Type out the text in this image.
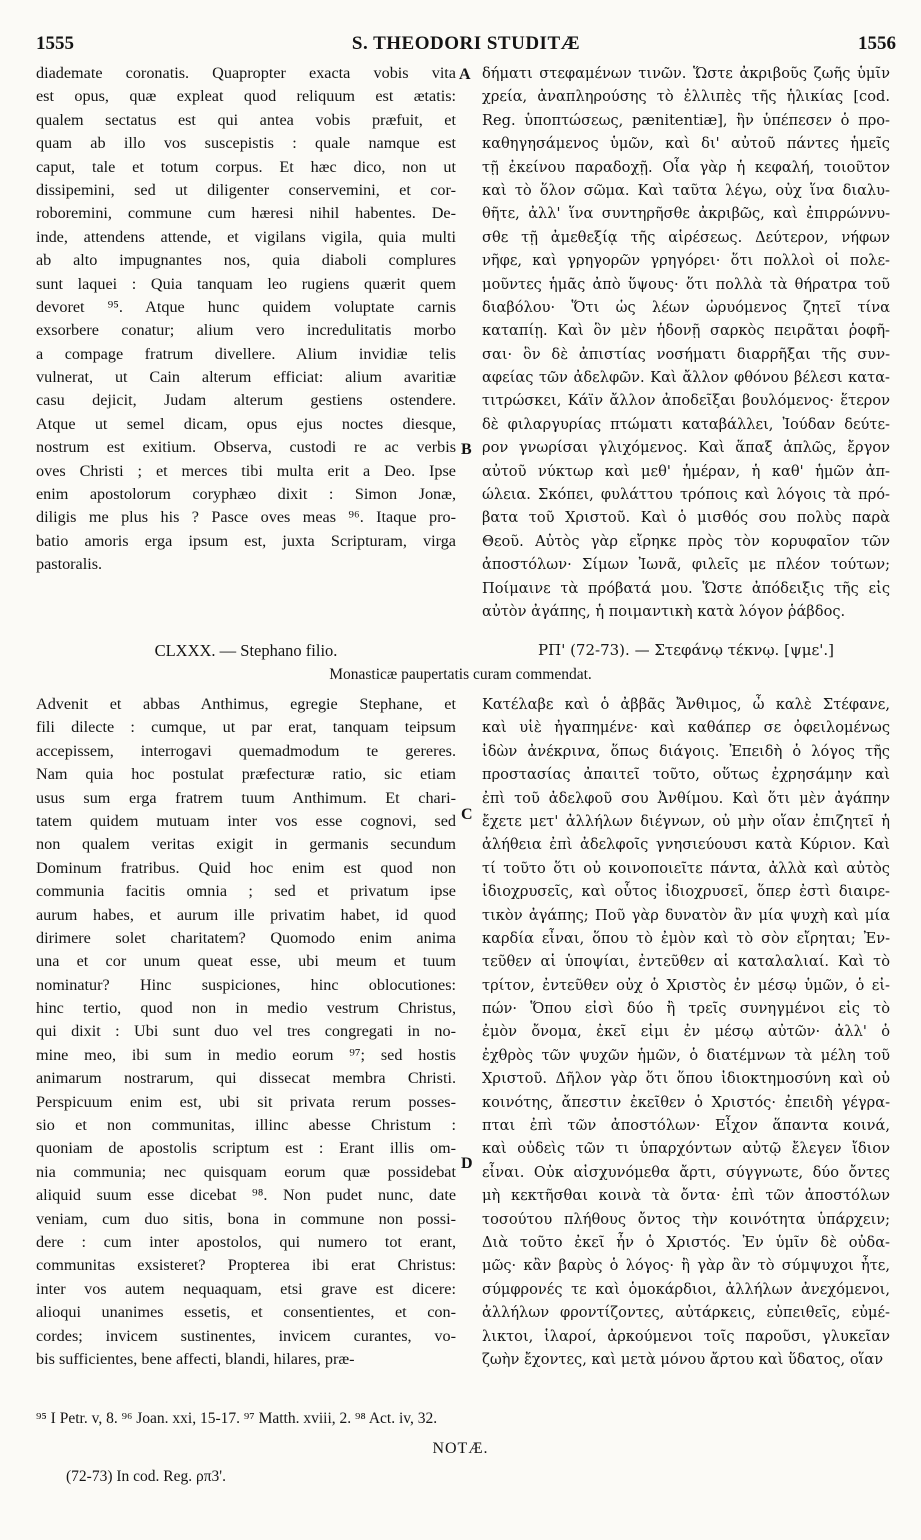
1555	S. THEODORI STUDITÆ	1556
diademate coronatis. Quapropter exacta vobis vita
est opus, quæ expleat quod reliquum est ætatis:
qualem sectatus est qui antea vobis præfuit, et
quam ab illo vos suscepistis : quale namque est
caput, tale et totum corpus. Et hæc dico, non ut
dissipemini, sed ut diligenter conservemini, et cor-
roboremini, commune cum hæresi nihil habentes. De-
inde, attendens attende, et vigilans vigila, quia multi
ab alto impugnantes nos, quia diaboli complures
sunt laquei : Quia tanquam leo rugiens quærit quem
devoret ⁹⁵. Atque hunc quidem voluptate carnis
exsorbere conatur; alium vero incredulitatis morbo
a compage fratrum divellere. Alium invidiæ telis
vulnerat, ut Cain alterum efficiat: alium avaritiæ
casu dejicit, Judam alterum gestiens ostendere.
Atque ut semel dicam, opus ejus noctes diesque,
nostrum est exitium. Observa, custodi re ac verbis
oves Christi ; et merces tibi multa erit a Deo. Ipse
enim apostolorum coryphæo dixit : Simon Jonæ,
diligis me plus his ? Pasce oves meas ⁹⁶. Itaque pro-
batio amoris erga ipsum est, juxta Scripturam, virga
pastoralis.
δήματι στεφαμένων τινῶν. Ὥστε ἀκριβοῦς ζωῆς ὑμῖν
χρεία, ἀναπληρούσης τὸ ἐλλιπὲς τῆς ἡλικίας [cod.
Reg. ὑποπτώσεως, pænitentiæ], ἣν ὑπέπεσεν ὁ προ-
καθηγησάμενος ὑμῶν, καὶ δι' αὐτοῦ πάντες ἡμεῖς
τῇ ἐκείνου παραδοχῇ. Οἷα γὰρ ἡ κεφαλή, τοιοῦτον
καὶ τὸ ὅλον σῶμα. Καὶ ταῦτα λέγω, οὐχ ἵνα διαλυ-
θῆτε, ἀλλ' ἵνα συντηρῆσθε ἀκριβῶς, καὶ ἐπιρρώννυ-
σθε τῇ ἀμεθεξίᾳ τῆς αἱρέσεως. Δεύτερον, νήφων
νῆφε, καὶ γρηγορῶν γρηγόρει· ὅτι πολλοὶ οἱ πολε-
μοῦντες ἡμᾶς ἀπὸ ὕψους· ὅτι πολλὰ τὰ θήρατρα τοῦ
διαβόλου· Ὅτι ὡς λέων ὠρυόμενος ζητεῖ τίνα
καταπίῃ. Καὶ ὃν μὲν ἡδονῇ σαρκὸς πειρᾶται ῥοφῆ-
σαι· ὃν δὲ ἀπιστίας νοσήματι διαρρῆξαι τῆς συν-
αφείας τῶν ἀδελφῶν. Καὶ ἄλλον φθόνου βέλεσι κατα-
τιτρώσκει, Κάϊν ἄλλον ἀποδεῖξαι βουλόμενος· ἕτερον
δὲ φιλαργυρίας πτώματι καταβάλλει, Ἰούδαν δεύτε-
ρον γνωρίσαι γλιχόμενος. Καὶ ἅπαξ ἁπλῶς, ἔργον
αὐτοῦ νύκτωρ καὶ μεθ' ἡμέραν, ἡ καθ' ἡμῶν ἀπ-
ώλεια. Σκόπει, φυλάττου τρόποις καὶ λόγοις τὰ πρό-
βατα τοῦ Χριστοῦ. Καὶ ὁ μισθός σου πολὺς παρὰ
Θεοῦ. Αὐτὸς γὰρ εἴρηκε πρὸς τὸν κορυφαῖον τῶν
ἀποστόλων· Σίμων Ἰωνᾶ, φιλεῖς με πλέον τούτων;
Ποίμαινε τὰ πρόβατά μου. Ὥστε ἀπόδειξις τῆς εἰς
αὐτὸν ἀγάπης, ἡ ποιμαντικὴ κατὰ λόγον ῥάβδος.
A
B
C
D
CLXXX. — Stephano filio.	ΡΠ' (72-73). — Στεφάνῳ τέκνῳ. [ψμε'.]
Monasticæ paupertatis curam commendat.
Advenit et abbas Anthimus, egregie Stephane, et
fili dilecte : cumque, ut par erat, tanquam teipsum
accepissem, interrogavi quemadmodum te gereres.
Nam quia hoc postulat præfecturæ ratio, sic etiam
usus sum erga fratrem tuum Anthimum. Et chari-
tatem quidem mutuam inter vos esse cognovi, sed
non qualem veritas exigit in germanis secundum
Dominum fratribus. Quid hoc enim est quod non
communia facitis omnia ; sed et privatum ipse
aurum habes, et aurum ille privatim habet, id quod
dirimere solet charitatem? Quomodo enim anima
una et cor unum queat esse, ubi meum et tuum
nominatur? Hinc suspiciones, hinc oblocutiones:
hinc tertio, quod non in medio vestrum Christus,
qui dixit : Ubi sunt duo vel tres congregati in no-
mine meo, ibi sum in medio eorum ⁹⁷; sed hostis
animarum nostrarum, qui dissecat membra Christi.
Perspicuum enim est, ubi sit privata rerum posses-
sio et non communitas, illinc abesse Christum :
quoniam de apostolis scriptum est : Erant illis om-
nia communia; nec quisquam eorum quæ possidebat
aliquid suum esse dicebat ⁹⁸. Non pudet nunc, date
veniam, cum duo sitis, bona in commune non possi-
dere : cum inter apostolos, qui numero tot erant,
communitas exsisteret? Propterea ibi erat Christus:
inter vos autem nequaquam, etsi grave est dicere:
alioqui unanimes essetis, et consentientes, et con-
cordes; invicem sustinentes, invicem curantes, vo-
bis sufficientes, bene affecti, blandi, hilares, præ-
Κατέλαβε καὶ ὁ ἀββᾶς Ἄνθιμος, ὦ καλὲ Στέφανε,
καὶ υἱὲ ἠγαπημένε· καὶ καθάπερ σε ὀφειλομένως
ἰδὼν ἀνέκρινα, ὅπως διάγοις. Ἐπειδὴ ὁ λόγος τῆς
προστασίας ἀπαιτεῖ τοῦτο, οὕτως ἐχρησάμην καὶ
ἐπὶ τοῦ ἀδελφοῦ σου Ἀνθίμου. Καὶ ὅτι μὲν ἀγάπην
ἔχετε μετ' ἀλλήλων διέγνων, οὐ μὴν οἵαν ἐπιζητεῖ ἡ
ἀλήθεια ἐπὶ ἀδελφοῖς γνησιεύουσι κατὰ Κύριον. Καὶ
τί τοῦτο ὅτι οὐ κοινοποιεῖτε πάντα, ἀλλὰ καὶ αὐτὸς
ἰδιοχρυσεῖς, καὶ οὗτος ἰδιοχρυσεῖ, ὅπερ ἐστὶ διαιρε-
τικὸν ἀγάπης; Ποῦ γὰρ δυνατὸν ἂν μία ψυχὴ καὶ μία
καρδία εἶναι, ὅπου τὸ ἐμὸν καὶ τὸ σὸν εἴρηται; Ἐν-
τεῦθεν αἱ ὑποψίαι, ἐντεῦθεν αἱ καταλαλιαί. Καὶ τὸ
τρίτον, ἐντεῦθεν οὐχ ὁ Χριστὸς ἐν μέσῳ ὑμῶν, ὁ εἰ-
πών· Ὅπου εἰσὶ δύο ἢ τρεῖς συνηγμένοι εἰς τὸ
ἐμὸν ὄνομα, ἐκεῖ εἰμι ἐν μέσῳ αὐτῶν· ἀλλ' ὁ
ἐχθρὸς τῶν ψυχῶν ἡμῶν, ὁ διατέμνων τὰ μέλη τοῦ
Χριστοῦ. Δῆλον γὰρ ὅτι ὅπου ἰδιοκτημοσύνη καὶ οὐ
κοινότης, ἄπεστιν ἐκεῖθεν ὁ Χριστός· ἐπειδὴ γέγρα-
πται ἐπὶ τῶν ἀποστόλων· Εἶχον ἅπαντα κοινά,
καὶ οὐδεὶς τῶν τι ὑπαρχόντων αὐτῷ ἔλεγεν ἴδιον
εἶναι. Οὐκ αἰσχυνόμεθα ἄρτι, σύγγνωτε, δύο ὄντες
μὴ κεκτῆσθαι κοινὰ τὰ ὄντα· ἐπὶ τῶν ἀποστόλων
τοσούτου πλήθους ὄντος τὴν κοινότητα ὑπάρχειν;
Διὰ τοῦτο ἐκεῖ ἦν ὁ Χριστός. Ἐν ὑμῖν δὲ οὐδα-
μῶς· κἂν βαρὺς ὁ λόγος· ἢ γὰρ ἂν τὸ σύμψυχοι ἦτε,
σύμφρονές τε καὶ ὁμοκάρδιοι, ἀλλήλων ἀνεχόμενοι,
ἀλλήλων φροντίζοντες, αὐτάρκεις, εὐπειθεῖς, εὐμέ-
λικτοι, ἱλαροί, ἀρκούμενοι τοῖς παροῦσι, γλυκεῖαν
ζωὴν ἔχοντες, καὶ μετὰ μόνου ἄρτου καὶ ὕδατος, οἵαν
⁹⁵ I Petr. v, 8. ⁹⁶ Joan. xxi, 15-17. ⁹⁷ Matth. xviii, 2. ⁹⁸ Act. iv, 32.
NOTÆ.
(72-73) In cod. Reg. ρπ3'.
